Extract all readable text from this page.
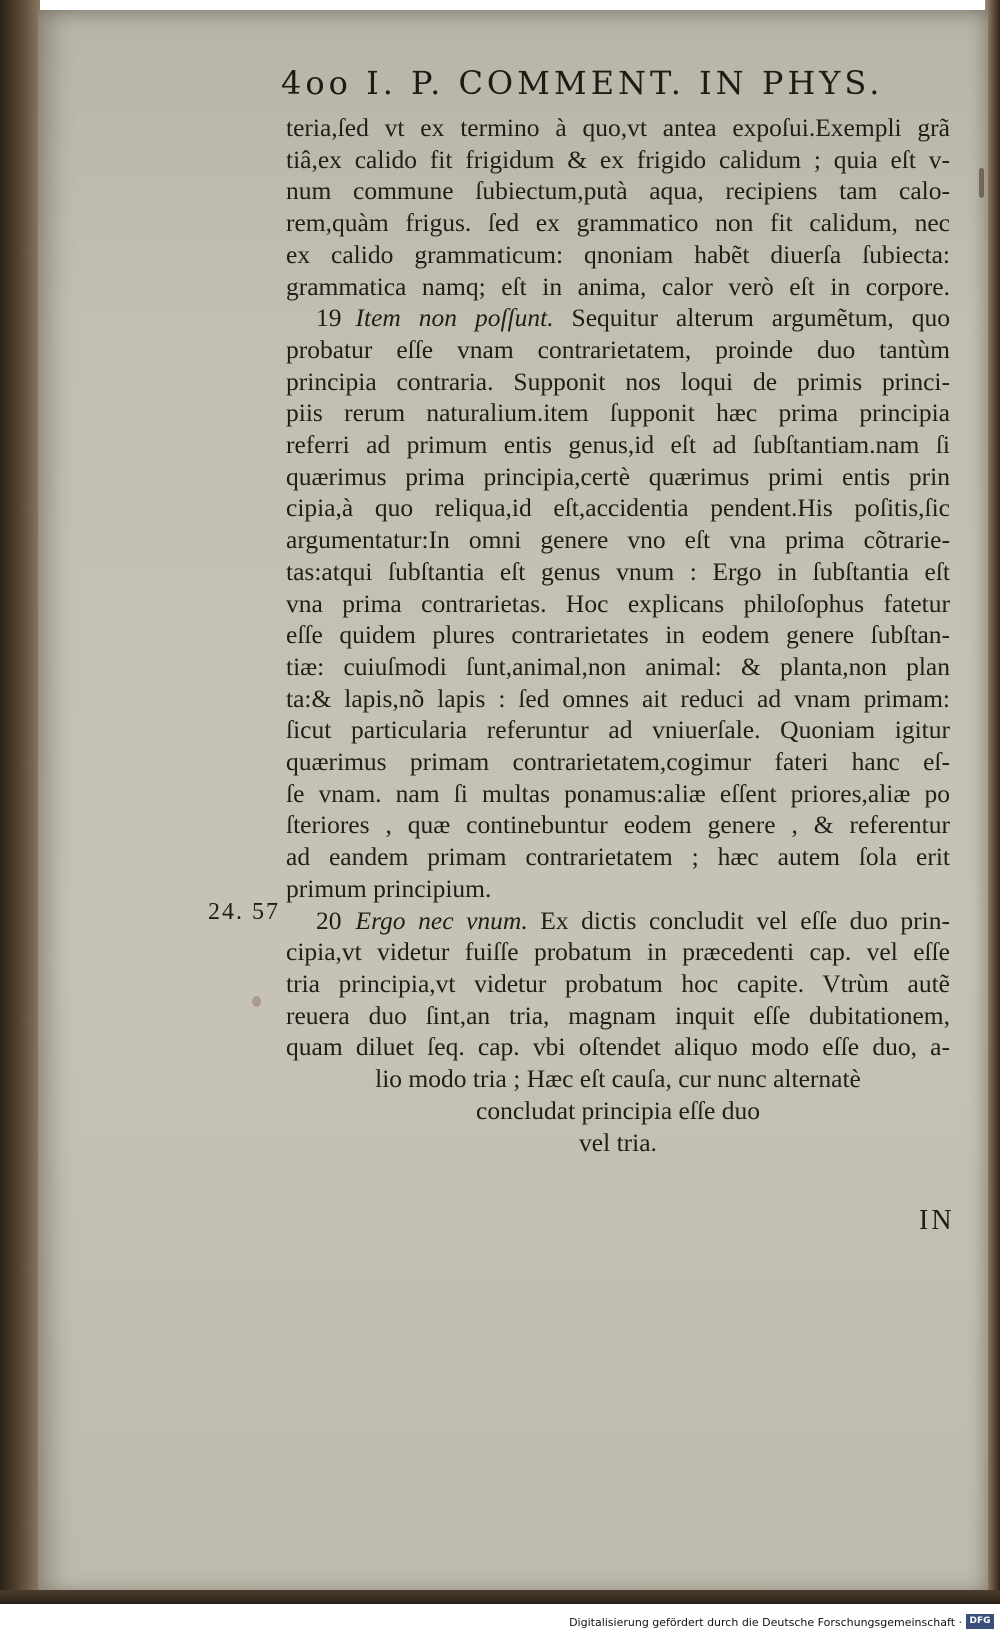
4oo I. P. COMMENT. IN PHYS.
teria,ſed vt ex termino à quo,vt antea expoſui.Exempli grã
tiâ,ex calido fit frigidum & ex frigido calidum ; quia eſt v-
num commune ſubiectum,putà aqua, recipiens tam calo-
rem,quàm frigus. ſed ex grammatico non fit calidum, nec
ex calido grammaticum: qnoniam habẽt diuerſa ſubiecta:
grammatica namq; eſt in anima, calor verò eſt in corpore.
19 Item non poſſunt. Sequitur alterum argumẽtum, quo
probatur eſſe vnam contrarietatem, proinde duo tantùm
principia contraria. Supponit nos loqui de primis princi-
piis rerum naturalium.item ſupponit hæc prima principia
referri ad primum entis genus,id eſt ad ſubſtantiam.nam ſi
quærimus prima principia,certè quærimus primi entis prin
cipia,à quo reliqua,id eſt,accidentia pendent.His poſitis,ſic
argumentatur:In omni genere vno eſt vna prima cõtrarie-
tas:atqui ſubſtantia eſt genus vnum : Ergo in ſubſtantia eſt
vna prima contrarietas. Hoc explicans philoſophus fatetur
eſſe quidem plures contrarietates in eodem genere ſubſtan-
tiæ: cuiuſmodi ſunt,animal,non animal: & planta,non plan
ta:& lapis,nõ lapis : ſed omnes ait reduci ad vnam primam:
ſicut particularia referuntur ad vniuerſale. Quoniam igitur
quærimus primam contrarietatem,cogimur fateri hanc eſ-
ſe vnam. nam ſi multas ponamus:aliæ eſſent priores,aliæ po
ſteriores , quæ continebuntur eodem genere , & referentur
ad eandem primam contrarietatem ; hæc autem ſola erit
primum principium.
20 Ergo nec vnum. Ex dictis concludit vel eſſe duo prin-
cipia,vt videtur fuiſſe probatum in præcedenti cap. vel eſſe
tria principia,vt videtur probatum hoc capite. Vtrùm autẽ
reuera duo ſint,an tria, magnam inquit eſſe dubitationem,
quam diluet ſeq. cap. vbi oſtendet aliquo modo eſſe duo, a-
lio modo tria ; Hæc eſt cauſa, cur nunc alternatè
concludat principia eſſe duo
vel tria.
24. 57
IN
Digitalisierung gefördert durch die Deutsche Forschungsgemeinschaft · DFG
